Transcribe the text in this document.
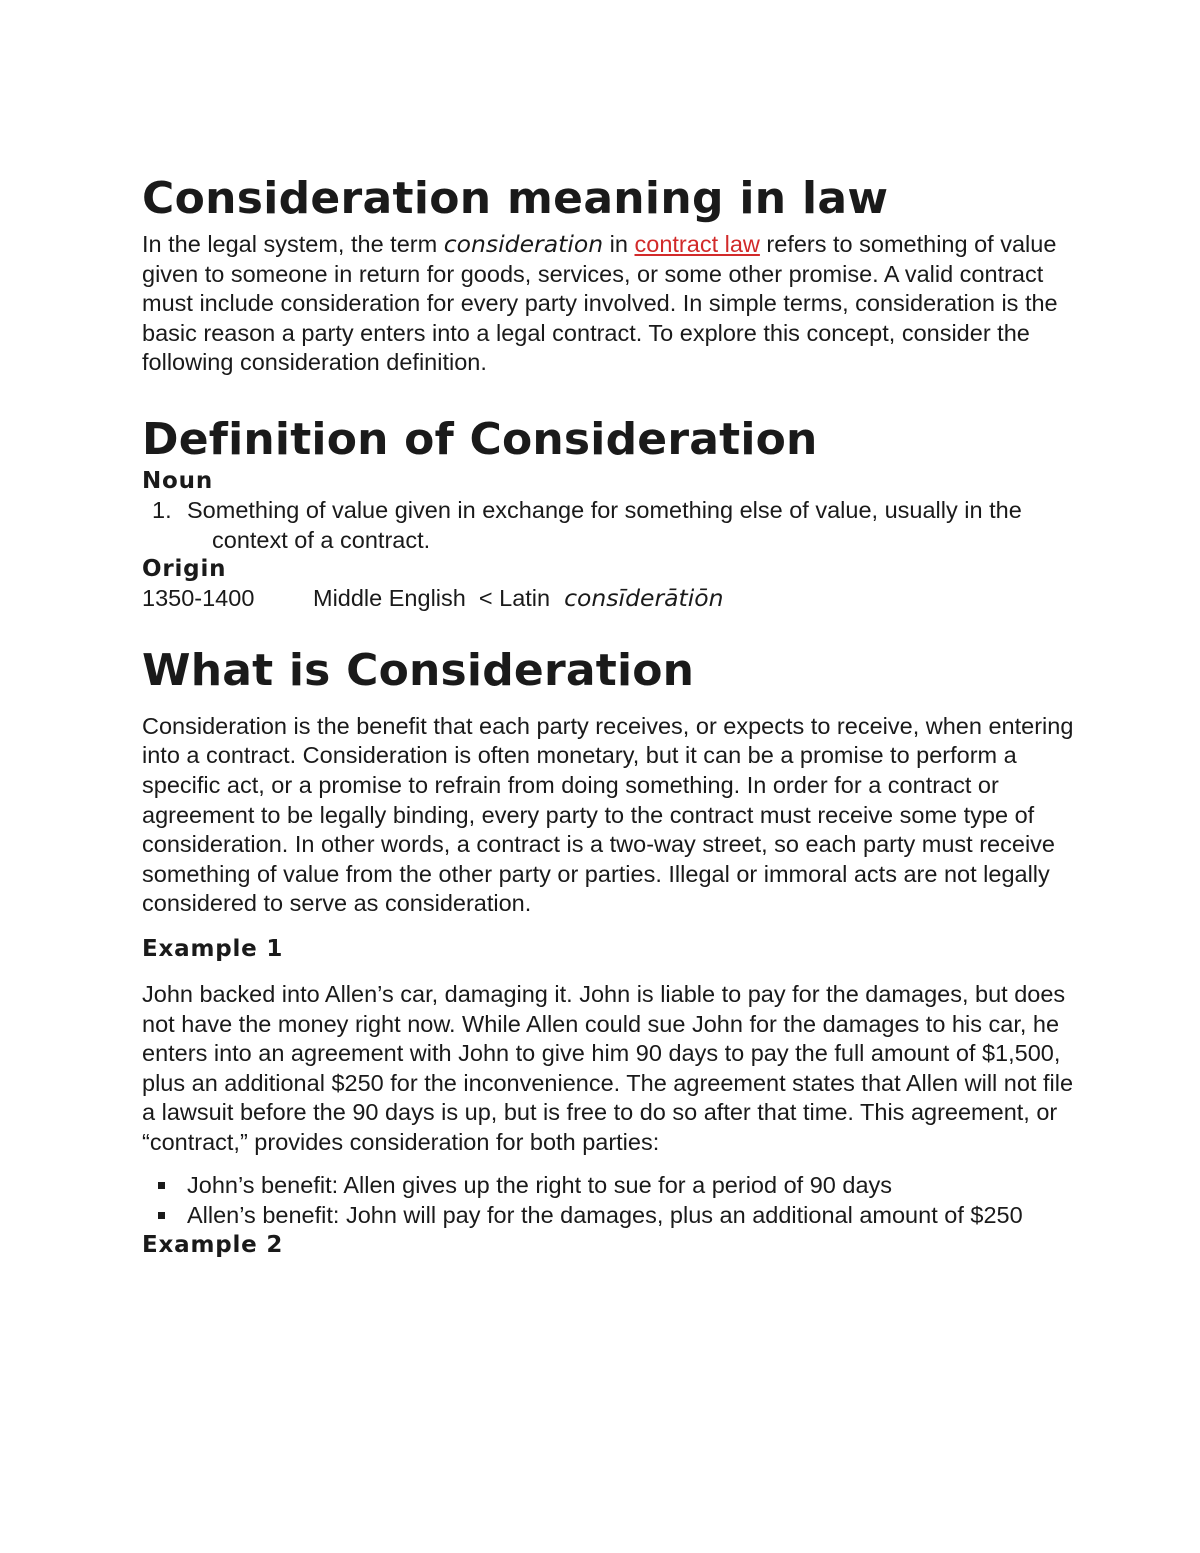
Consideration meaning in law

In the legal system, the term consideration in contract law refers to something of value given to someone in return for goods, services, or some other promise. A valid contract must include consideration for every party involved. In simple terms, consideration is the basic reason a party enters into a legal contract. To explore this concept, consider the following consideration definition.

Definition of Consideration
Noun
1. Something of value given in exchange for something else of value, usually in the context of a contract.
Origin
1350-1400	Middle English  < Latin consīderātiōn
What is Consideration

Consideration is the benefit that each party receives, or expects to receive, when entering into a contract. Consideration is often monetary, but it can be a promise to perform a specific act, or a promise to refrain from doing something. In order for a contract or agreement to be legally binding, every party to the contract must receive some type of consideration. In other words, a contract is a two-way street, so each party must receive something of value from the other party or parties. Illegal or immoral acts are not legally considered to serve as consideration.

Example 1

John backed into Allen’s car, damaging it. John is liable to pay for the damages, but does not have the money right now. While Allen could sue John for the damages to his car, he enters into an agreement with John to give him 90 days to pay the full amount of $1,500, plus an additional $250 for the inconvenience. The agreement states that Allen will not file a lawsuit before the 90 days is up, but is free to do so after that time. This agreement, or “contract,” provides consideration for both parties:

John’s benefit: Allen gives up the right to sue for a period of 90 days
Allen’s benefit: John will pay for the damages, plus an additional amount of $250
Example 2
